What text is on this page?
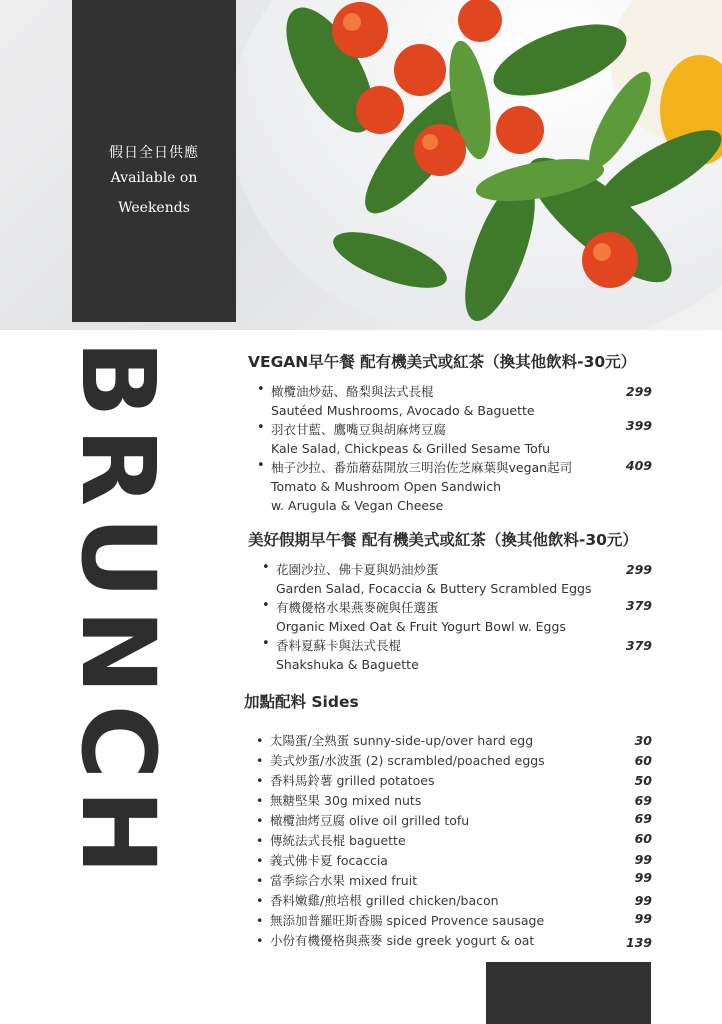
假日全日供應
Available on
Weekends
BRUNCH	VEGAN早午餐 配有機美式或紅茶（換其他飲料-30元）
• 橄欖油炒菇、酪梨與法式長棍
Sautéed Mushrooms, Avocado & Baguette
• 羽衣甘藍、鷹嘴豆與胡麻烤豆腐
Kale Salad, Chickpeas & Grilled Sesame Tofu
• 柚子沙拉、番茄蘑菇開放三明治佐芝麻葉與vegan起司
Tomato & Mushroom Open Sandwich
w. Arugula & Vegan Cheese
299
399
409
美好假期早午餐 配有機美式或紅茶（換其他飲料-30元）
• 花園沙拉、佛卡夏與奶油炒蛋
Garden Salad, Focaccia & Buttery Scrambled Eggs
• 有機優格水果燕麥碗與任選蛋
Organic Mixed Oat & Fruit Yogurt Bowl w. Eggs
• 香料夏蘇卡與法式長棍
Shakshuka & Baguette
299
379
379
加點配料 Sides
• 太陽蛋/全熟蛋 sunny-side-up/over hard egg
• 美式炒蛋/水波蛋 (2) scrambled/poached eggs
• 香料馬鈴薯 grilled potatoes
• 無糖堅果 30g mixed nuts
• 橄欖油烤豆腐 olive oil grilled tofu
• 傳統法式長棍 baguette
• 義式佛卡夏 focaccia
• 當季綜合水果 mixed fruit
• 香料嫩雞/煎培根 grilled chicken/bacon
• 無添加普羅旺斯香腸 spiced Provence sausage
• 小份有機優格與燕麥 side greek yogurt & oat
30
60
50
69
69
60
99
99
99
99
139
